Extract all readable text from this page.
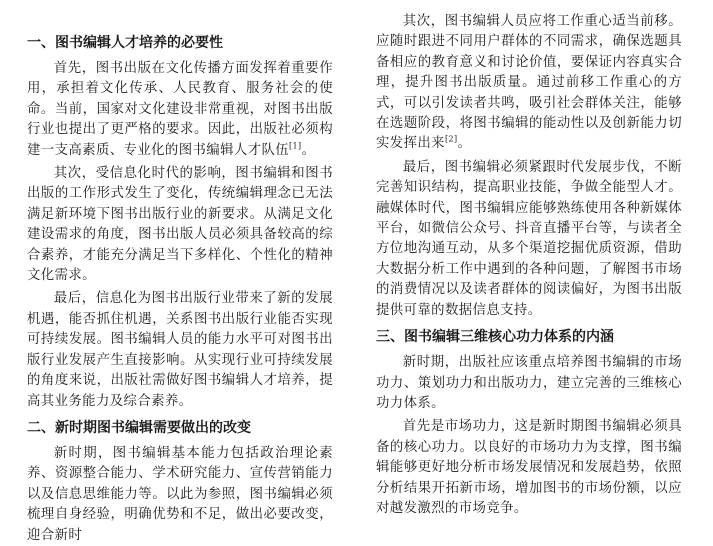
一、图书编辑人才培养的必要性

首先，图书出版在文化传播方面发挥着重要作用，承担着文化传承、人民教育、服务社会的使命。当前，国家对文化建设非常重视，对图书出版行业也提出了更严格的要求。因此，出版社必须构建一支高素质、专业化的图书编辑人才队伍[1]。

其次，受信息化时代的影响，图书编辑和图书出版的工作形式发生了变化，传统编辑理念已无法满足新环境下图书出版行业的新要求。从满足文化建设需求的角度，图书出版人员必须具备较高的综合素养，才能充分满足当下多样化、个性化的精神文化需求。

最后，信息化为图书出版行业带来了新的发展机遇，能否抓住机遇，关系图书出版行业能否实现可持续发展。图书编辑人员的能力水平可对图书出版行业发展产生直接影响。从实现行业可持续发展的角度来说，出版社需做好图书编辑人才培养，提高其业务能力及综合素养。

二、新时期图书编辑需要做出的改变

新时期，图书编辑基本能力包括政治理论素养、资源整合能力、学术研究能力、宣传营销能力以及信息思维能力等。以此为参照，图书编辑必须梳理自身经验，明确优势和不足，做出必要改变，迎合新时

其次，图书编辑人员应将工作重心适当前移。应随时跟进不同用户群体的不同需求，确保选题具备相应的教育意义和讨论价值，要保证内容真实合理，提升图书出版质量。通过前移工作重心的方式，可以引发读者共鸣，吸引社会群体关注，能够在选题阶段，将图书编辑的能动性以及创新能力切实发挥出来[2]。

最后，图书编辑必须紧跟时代发展步伐，不断完善知识结构，提高职业技能，争做全能型人才。融媒体时代，图书编辑应能够熟练使用各种新媒体平台，如微信公众号、抖音直播平台等，与读者全方位地沟通互动，从多个渠道挖掘优质资源，借助大数据分析工作中遇到的各种问题，了解图书市场的消费情况以及读者群体的阅读偏好，为图书出版提供可靠的数据信息支持。

三、图书编辑三维核心功力体系的内涵

新时期，出版社应该重点培养图书编辑的市场功力、策划功力和出版功力，建立完善的三维核心功力体系。

首先是市场功力，这是新时期图书编辑必须具备的核心功力。以良好的市场功力为支撑，图书编辑能够更好地分析市场发展情况和发展趋势，依照分析结果开拓新市场，增加图书的市场份额，以应对越发激烈的市场竞争。
